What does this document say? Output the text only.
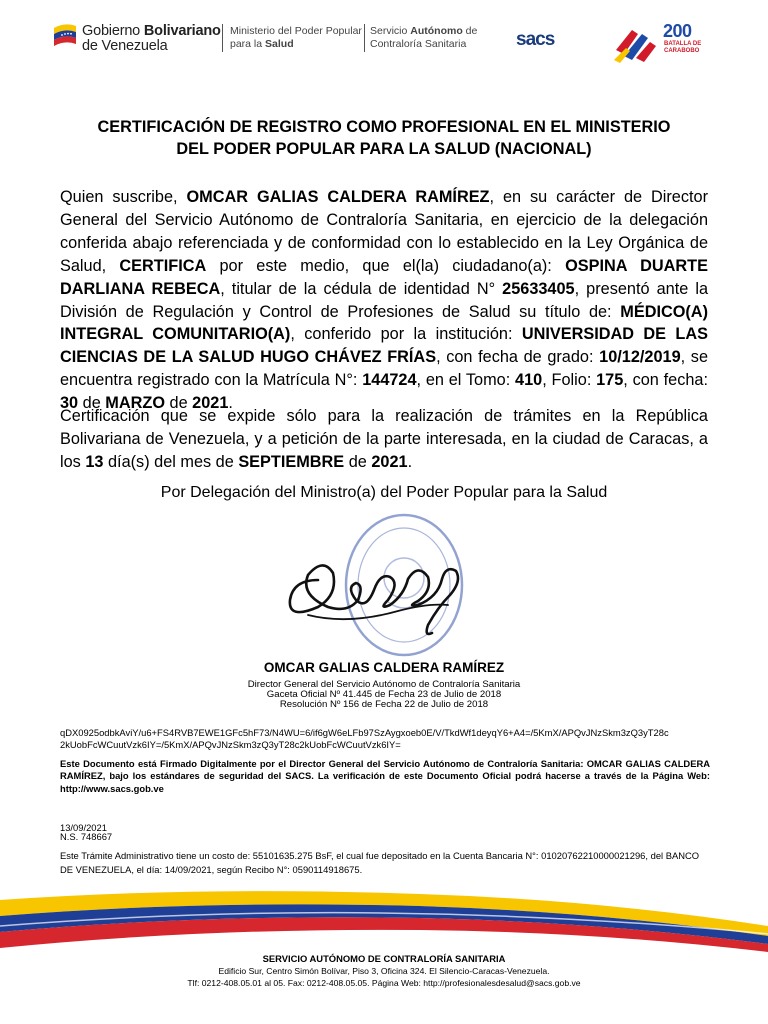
Gobierno Bolivariano
de Venezuela
Ministerio del Poder Popular
para la Salud
Servicio Autónomo de
Contraloría Sanitaria	sacs	200
BATALLA DE
CARABOBO
CERTIFICACIÓN DE REGISTRO COMO PROFESIONAL EN EL MINISTERIO
DEL PODER POPULAR PARA LA SALUD (NACIONAL)
Quien suscribe, OMCAR GALIAS CALDERA RAMÍREZ, en su carácter de Director General del Servicio Autónomo de Contraloría Sanitaria, en ejercicio de la delegación conferida abajo referenciada y de conformidad con lo establecido en la Ley Orgánica de Salud, CERTIFICA por este medio, que el(la) ciudadano(a): OSPINA DUARTE DARLIANA REBECA, titular de la cédula de identidad N° 25633405, presentó ante la División de Regulación y Control de Profesiones de Salud su título de: MÉDICO(A) INTEGRAL COMUNITARIO(A), conferido por la institución: UNIVERSIDAD DE LAS CIENCIAS DE LA SALUD HUGO CHÁVEZ FRÍAS, con fecha de grado: 10/12/2019, se encuentra registrado con la Matrícula N°: 144724, en el Tomo: 410, Folio: 175, con fecha: 30 de MARZO de 2021.
Certificación que se expide sólo para la realización de trámites en la República Bolivariana de Venezuela, y a petición de la parte interesada, en la ciudad de Caracas, a los 13 día(s) del mes de SEPTIEMBRE de 2021.
Por Delegación del Ministro(a) del Poder Popular para la Salud
OMCAR GALIAS CALDERA RAMÍREZ
Director General del Servicio Autónomo de Contraloría Sanitaria
Gaceta Oficial Nº 41.445 de Fecha 23 de Julio de 2018
Resolución Nº 156 de Fecha 22 de Julio de 2018
qDX0925odbkAviY/u6+FS4RVB7EWE1GFc5hF73/N4WU=6/if6gW6eLFb97SzAygxoeb0E/V/TkdWf1deyqY6+A4=/5KmX/APQvJNzSkm3zQ3yT28c
2kUobFcWCuutVzk6IY=/5KmX/APQvJNzSkm3zQ3yT28c2kUobFcWCuutVzk6IY=
Este Documento está Firmado Digitalmente por el Director General del Servicio Autónomo de Contraloría Sanitaria: OMCAR GALIAS CALDERA RAMÍREZ, bajo los estándares de seguridad del SACS. La verificación de este Documento Oficial podrá hacerse a través de la Página Web: http://www.sacs.gob.ve
13/09/2021
N.S. 748667
Este Trámite Administrativo tiene un costo de: 55101635.275 BsF, el cual fue depositado en la Cuenta Bancaria N°: 01020762210000021296, del BANCO DE VENEZUELA, el día: 14/09/2021, según Recibo N°: 0590114918675.
SERVICIO AUTÓNOMO DE CONTRALORÍA SANITARIA
Edificio Sur, Centro Simón Bolívar, Piso 3, Oficina 324. El Silencio-Caracas-Venezuela.
Tlf: 0212-408.05.01 al 05. Fax: 0212-408.05.05. Página Web: http://profesionalesdesalud@sacs.gob.ve
